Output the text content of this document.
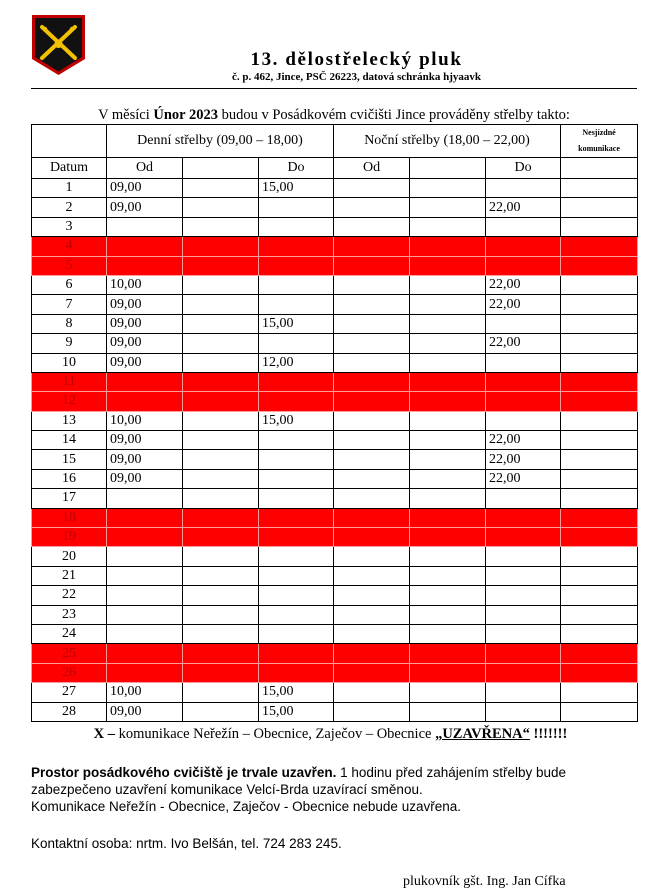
13. dělostřelecký pluk
č. p. 462, Jince, PSČ 26223, datová schránka hjyaavk
V měsíci Únor 2023 budou v Posádkovém cvičišti Jince prováděny střelby takto:
	Denní střelby (09,00 – 18,00)			Noční střelby (18,00 – 22,00)			Nesjízdné komunikace
Datum	Od		Do	Od		Do	
1	09,00		15,00				
2	09,00					22,00	
3							
4							
5							
6	10,00					22,00	
7	09,00					22,00	
8	09,00		15,00				
9	09,00					22,00	
10	09,00		12,00				
11							
12							
13	10,00		15,00				
14	09,00					22,00	
15	09,00					22,00	
16	09,00					22,00	
17							
18							
19							
20							
21							
22							
23							
24							
25							
26							
27	10,00		15,00				
28	09,00		15,00				
X – komunikace Neřežín – Obecnice, Zaječov – Obecnice „UZAVŘENA“ !!!!!!!
Prostor posádkového cvičiště je trvale uzavřen. 1 hodinu před zahájením střelby bude
zabezpečeno uzavření komunikace Velcí-Brda uzavírací směnou.
Komunikace Neřežín - Obecnice, Zaječov - Obecnice nebude uzavřena.
Kontaktní osoba: nrtm. Ivo Belšán, tel. 724 283 245.
plukovník gšt. Ing. Jan Cífka
